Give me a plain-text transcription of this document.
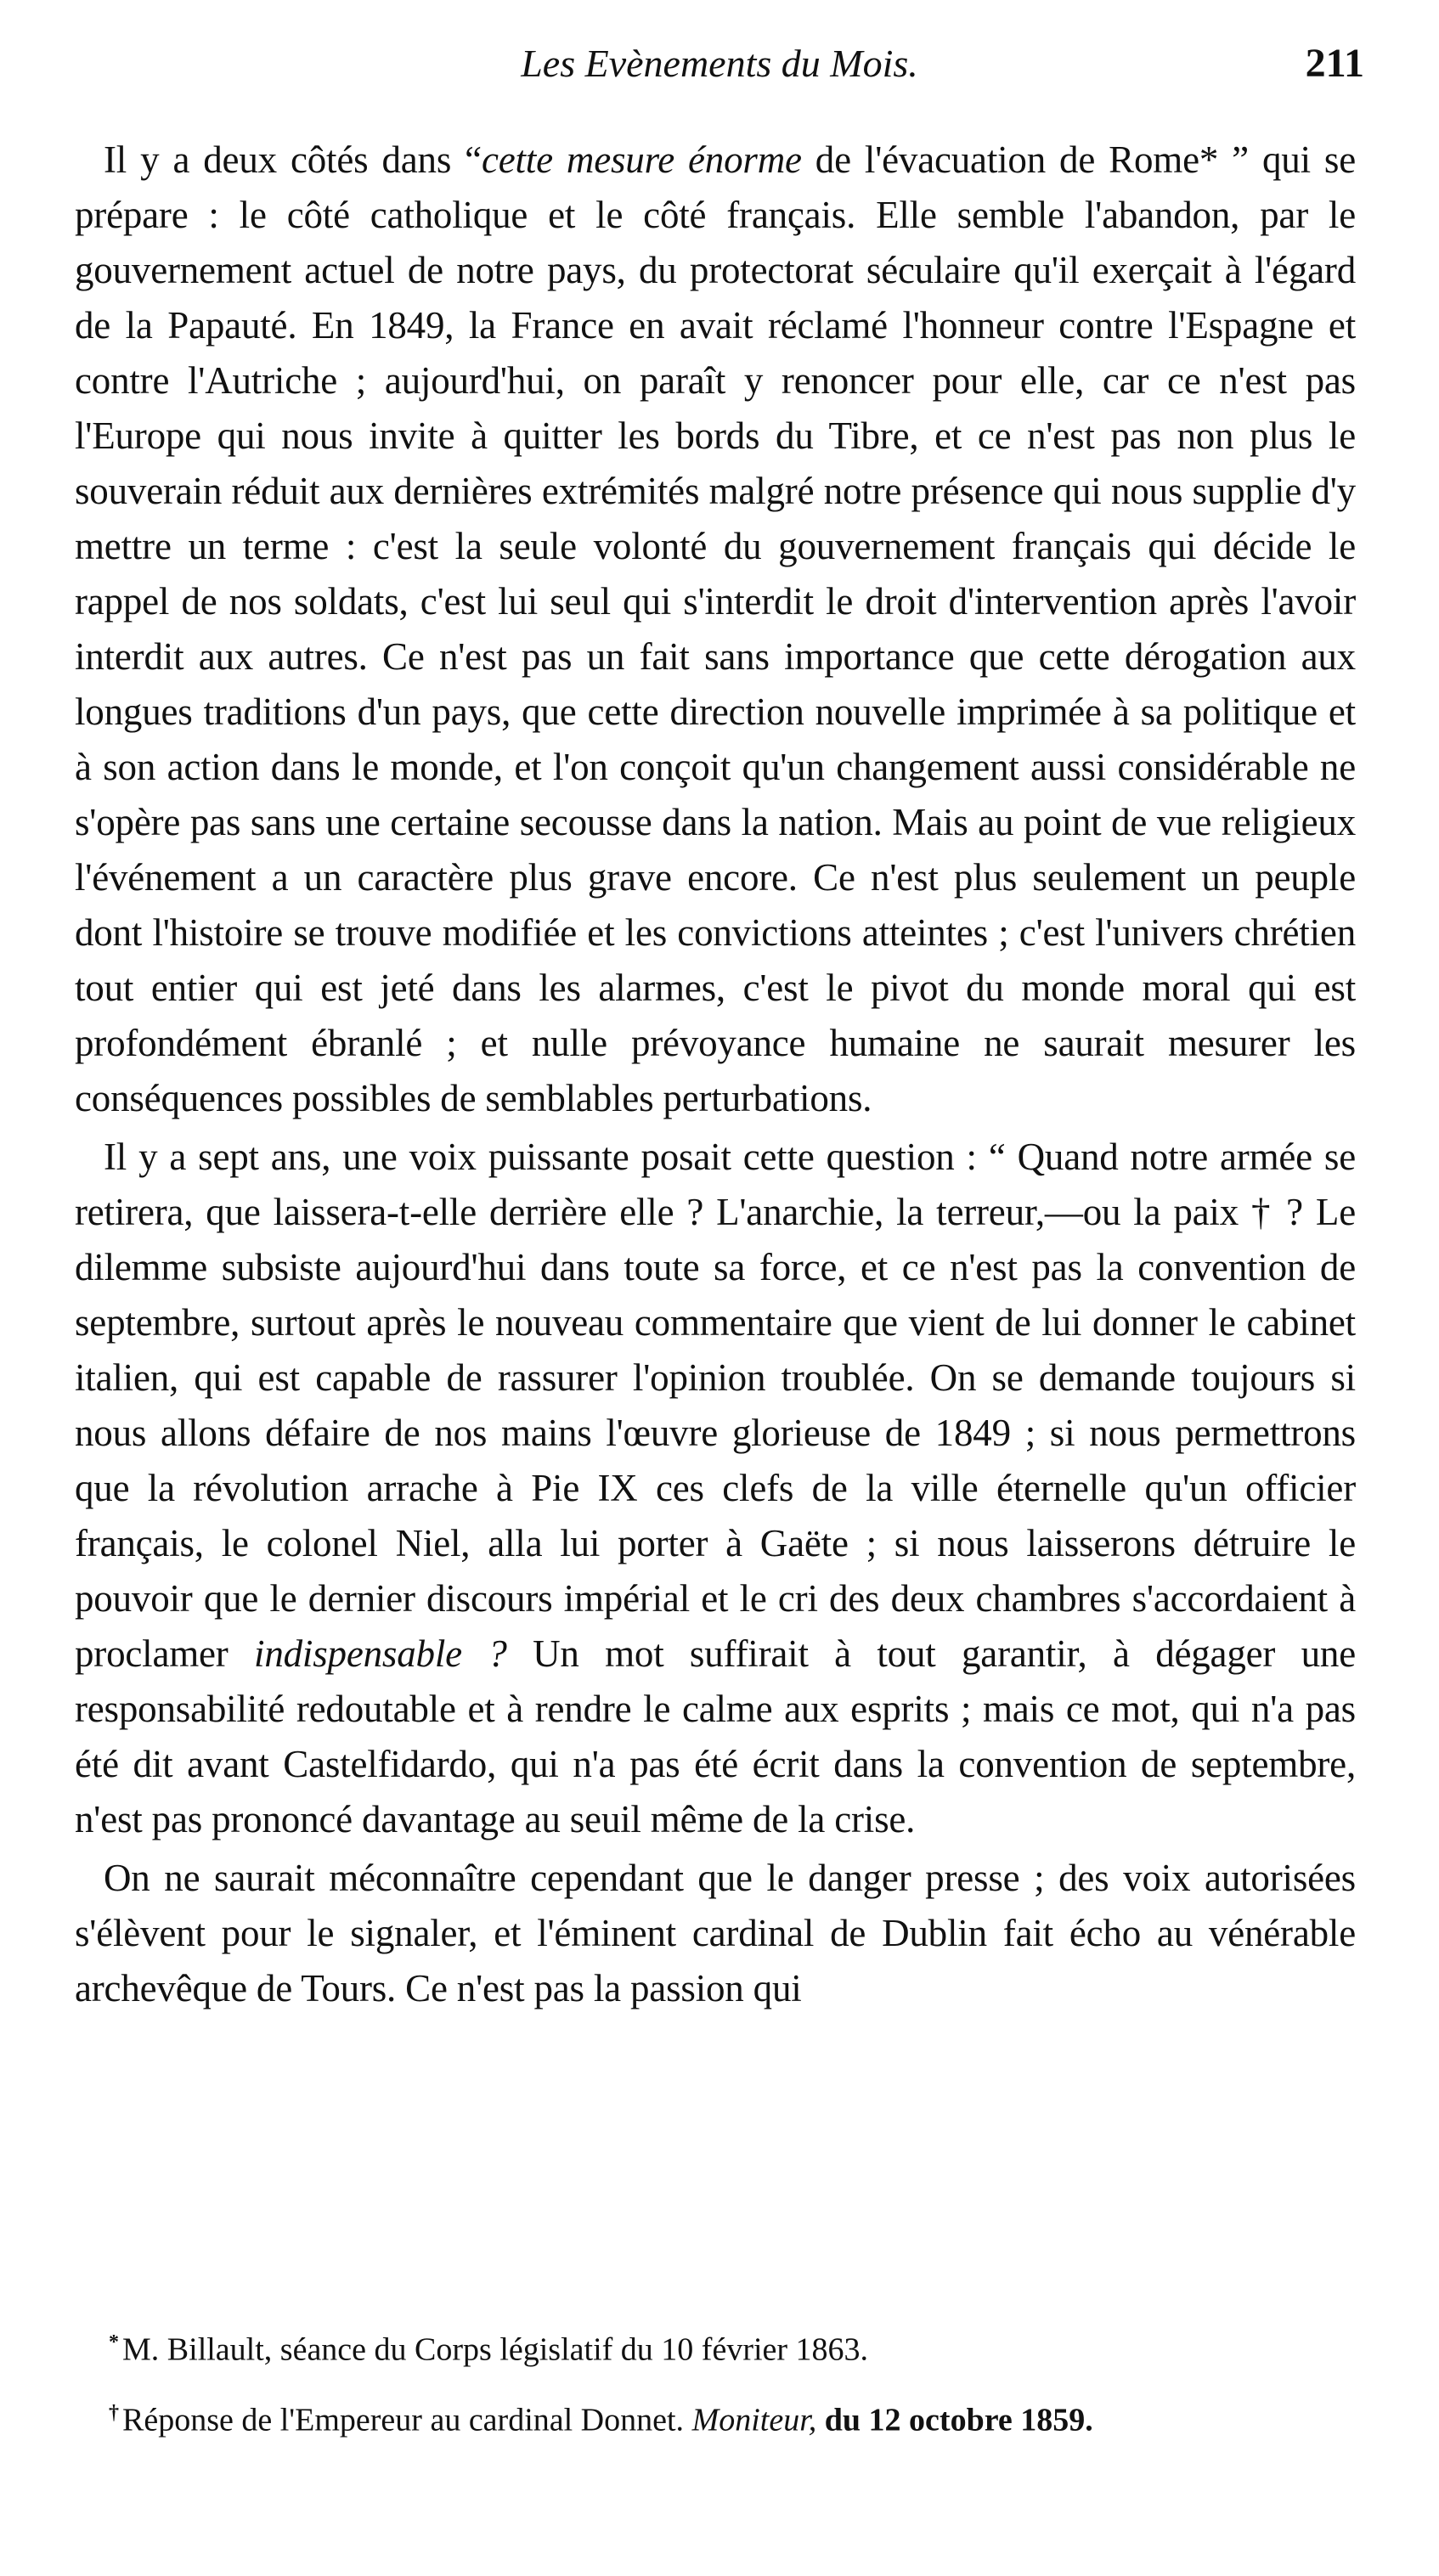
Les Evènements du Mois.	211

Il y a deux côtés dans “cette mesure énorme de l'évacuation de Rome* ” qui se prépare : le côté catholique et le côté français. Elle semble l'abandon, par le gouvernement actuel de notre pays, du protectorat séculaire qu'il exerçait à l'égard de la Papauté. En 1849, la France en avait réclamé l'honneur contre l'Espagne et contre l'Autriche ; aujourd'hui, on paraît y renoncer pour elle, car ce n'est pas l'Europe qui nous invite à quitter les bords du Tibre, et ce n'est pas non plus le souverain réduit aux dernières extrémités malgré notre présence qui nous supplie d'y mettre un terme : c'est la seule volonté du gouvernement français qui décide le rappel de nos soldats, c'est lui seul qui s'interdit le droit d'intervention après l'avoir interdit aux autres. Ce n'est pas un fait sans importance que cette dérogation aux longues traditions d'un pays, que cette direction nouvelle imprimée à sa politique et à son action dans le monde, et l'on conçoit qu'un changement aussi considérable ne s'opère pas sans une certaine secousse dans la nation. Mais au point de vue religieux l'événement a un caractère plus grave encore. Ce n'est plus seulement un peuple dont l'histoire se trouve modifiée et les convictions atteintes ; c'est l'univers chrétien tout entier qui est jeté dans les alarmes, c'est le pivot du monde moral qui est profondément ébranlé ; et nulle prévoyance humaine ne saurait mesurer les conséquences possibles de semblables perturbations.

Il y a sept ans, une voix puissante posait cette question : “ Quand notre armée se retirera, que laissera-t-elle derrière elle ? L'anarchie, la terreur,—ou la paix † ? Le dilemme subsiste aujourd'hui dans toute sa force, et ce n'est pas la convention de septembre, surtout après le nouveau commentaire que vient de lui donner le cabinet italien, qui est capable de rassurer l'opinion troublée. On se demande toujours si nous allons défaire de nos mains l'œuvre glorieuse de 1849 ; si nous permettrons que la révolution arrache à Pie IX ces clefs de la ville éternelle qu'un officier français, le colonel Niel, alla lui porter à Gaëte ; si nous laisserons détruire le pouvoir que le dernier discours impérial et le cri des deux chambres s'accordaient à proclamer indispensable ? Un mot suffirait à tout garantir, à dégager une responsabilité redoutable et à rendre le calme aux esprits ; mais ce mot, qui n'a pas été dit avant Castelfidardo, qui n'a pas été écrit dans la convention de septembre, n'est pas prononcé davantage au seuil même de la crise.

On ne saurait méconnaître cependant que le danger presse ; des voix autorisées s'élèvent pour le signaler, et l'éminent cardinal de Dublin fait écho au vénérable archevêque de Tours. Ce n'est pas la passion qui

* M. Billault, séance du Corps législatif du 10 février 1863.

† Réponse de l'Empereur au cardinal Donnet. Moniteur, du 12 octobre 1859.
